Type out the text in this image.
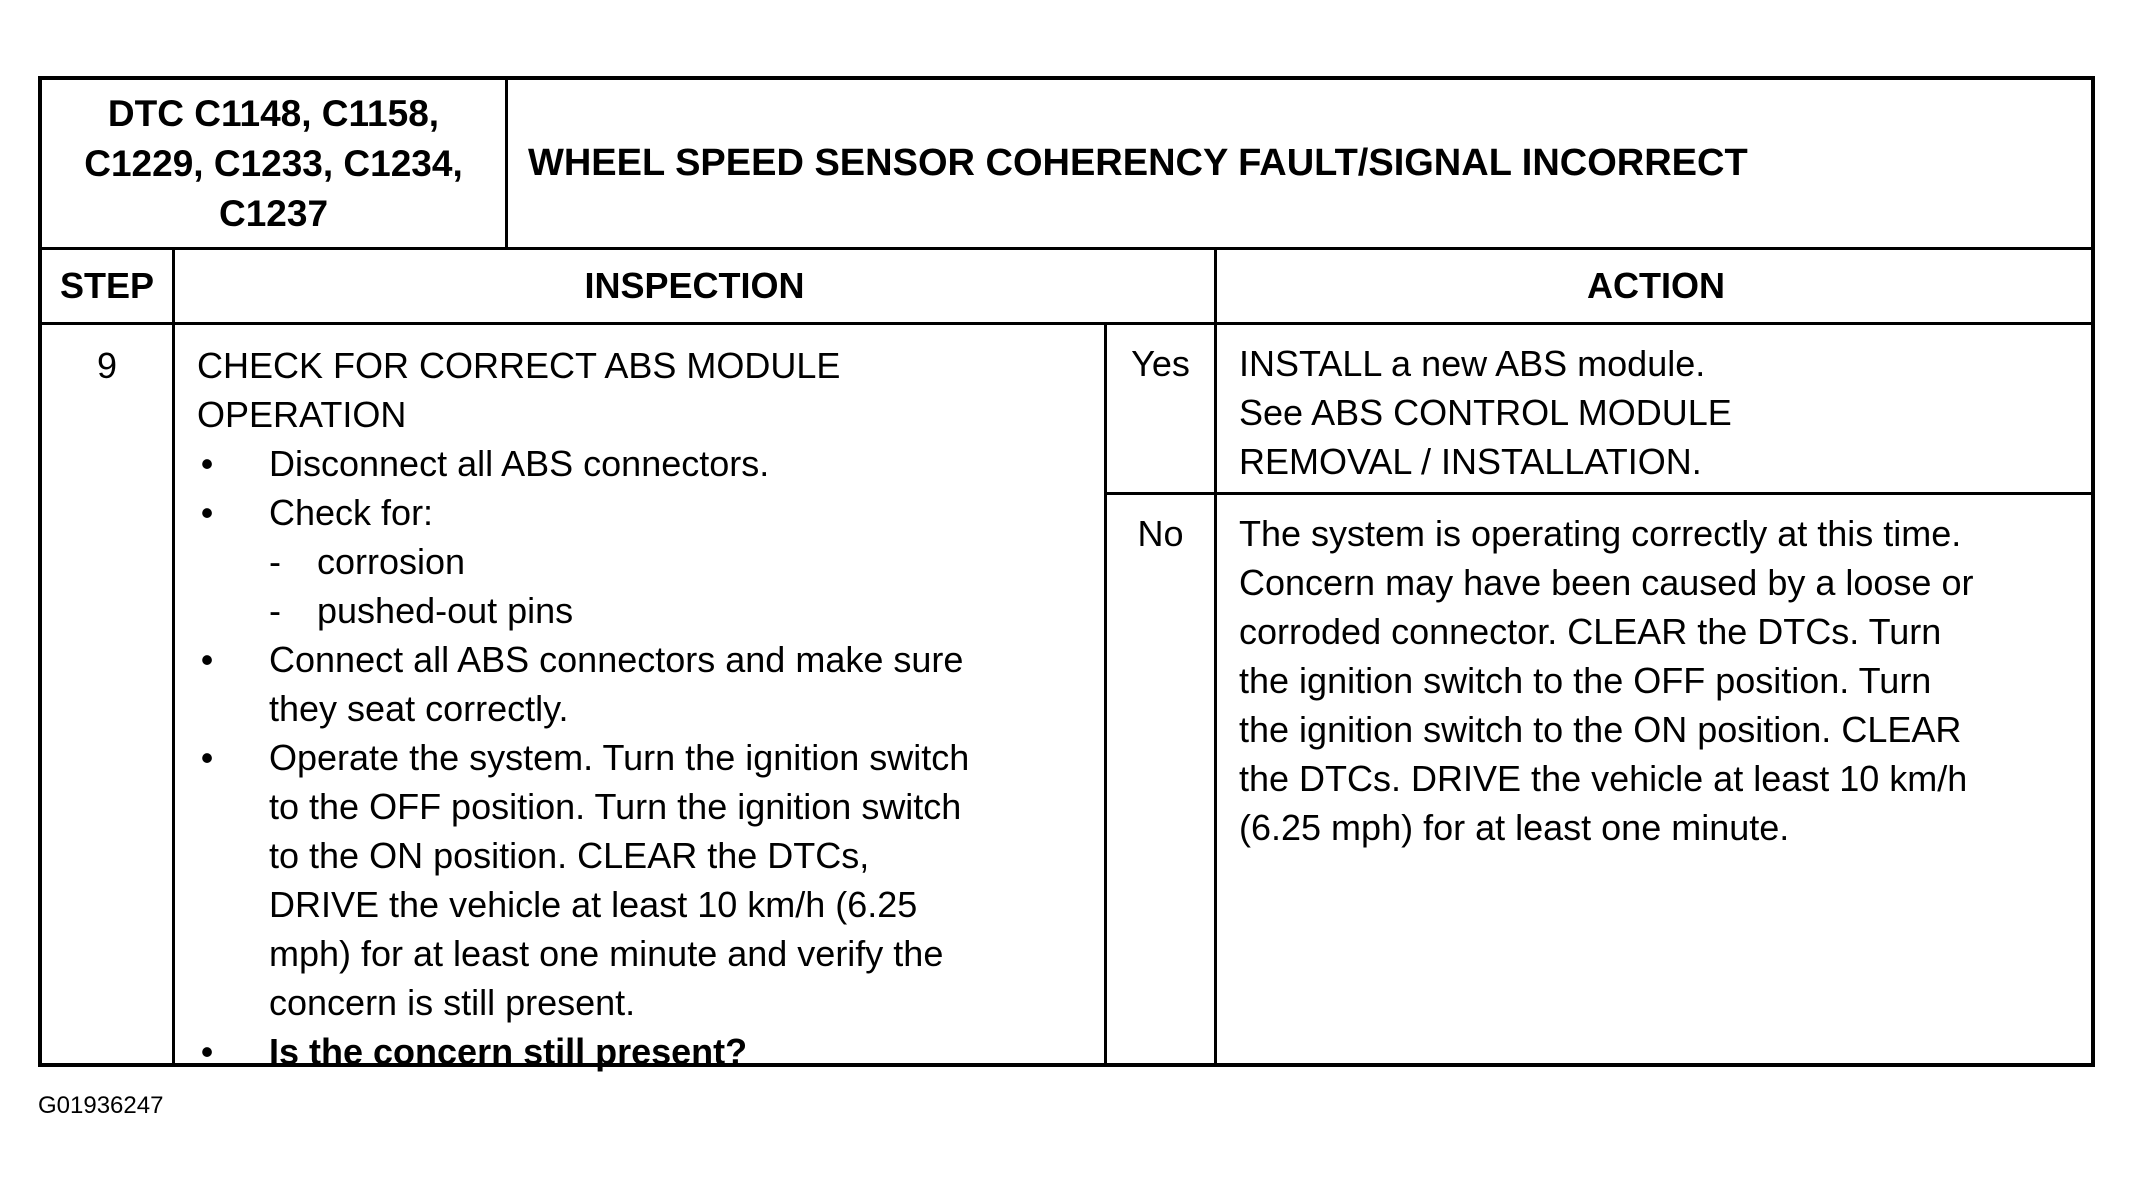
DTC C1148, C1158,
C1229, C1233, C1234,
C1237
WHEEL SPEED SENSOR COHERENCY FAULT/SIGNAL INCORRECT
STEP	INSPECTION	ACTION
9	CHECK FOR CORRECT ABS MODULE
OPERATION
• Disconnect all ABS connectors.
• Check for:
- corrosion
- pushed-out pins
• Connect all ABS connectors and make sure
they seat correctly.
• Operate the system. Turn the ignition switch
to the OFF position. Turn the ignition switch
to the ON position. CLEAR the DTCs,
DRIVE the vehicle at least 10 km/h (6.25
mph) for at least one minute and verify the
concern is still present.
• Is the concern still present?
Yes	INSTALL a new ABS module.
See ABS CONTROL MODULE
REMOVAL / INSTALLATION.
No	The system is operating correctly at this time.
Concern may have been caused by a loose or
corroded connector. CLEAR the DTCs. Turn
the ignition switch to the OFF position. Turn
the ignition switch to the ON position. CLEAR
the DTCs. DRIVE the vehicle at least 10 km/h
(6.25 mph) for at least one minute.
G01936247
